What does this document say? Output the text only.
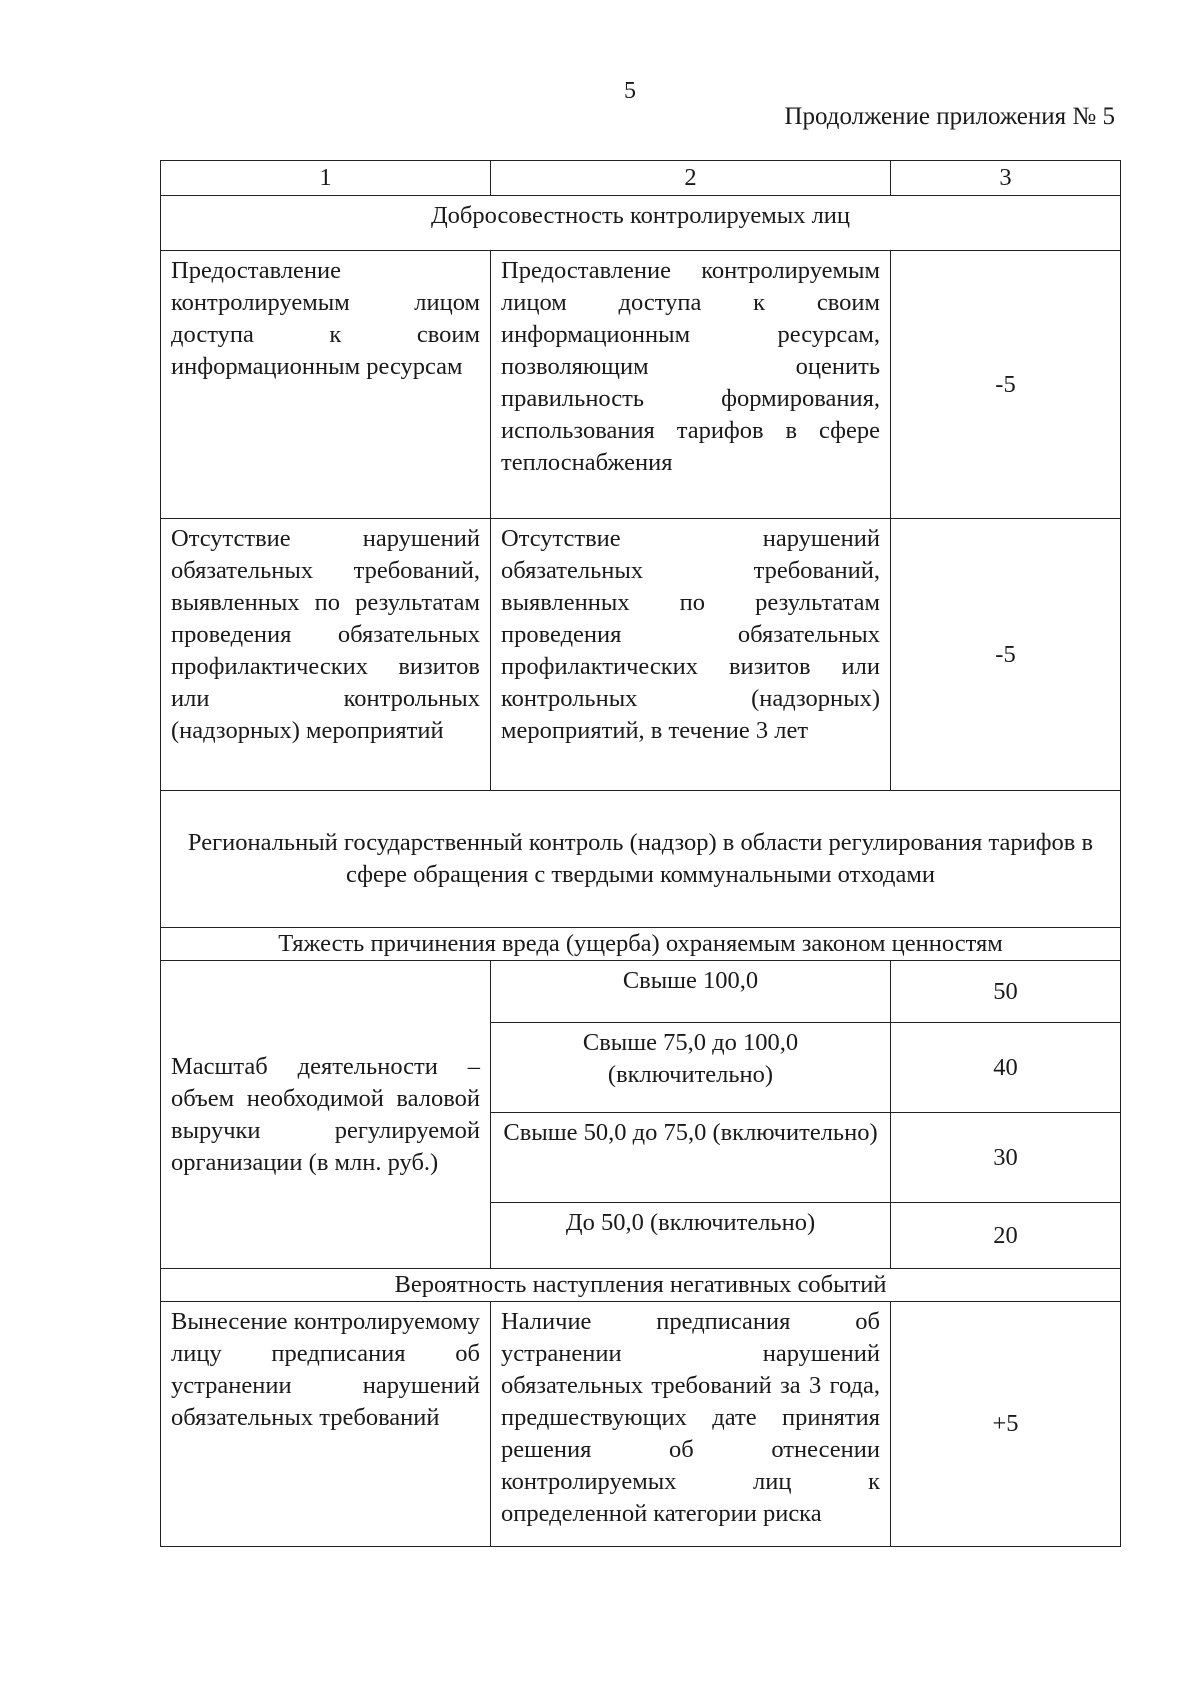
5
Продолжение приложения № 5
1	2	3
Добросовестность контролируемых лиц		
Предоставление контролируемым лицом доступа к своим информационным ресурсам	Предоставление контролируемым лицом доступа к своим информационным ресурсам, позволяющим оценить правильность формирования, использования тарифов в сфере теплоснабжения	-5
Отсутствие нарушений обязательных требований, выявленных по результатам проведения обязательных профилактических визитов или контрольных (надзорных) мероприятий	Отсутствие нарушений обязательных требований, выявленных по результатам проведения обязательных профилактических визитов или контрольных (надзорных) мероприятий, в течение 3 лет	-5
Региональный государственный контроль (надзор) в области регулирования тарифов в сфере обращения с твердыми коммунальными отходами		
Тяжесть причинения вреда (ущерба) охраняемым законом ценностям		
Масштаб деятельности – объем необходимой валовой выручки регулируемой организации (в млн. руб.)	Свыше 100,0	50
	Свыше 75,0 до 100,0 (включительно)	40
	Свыше 50,0 до 75,0 (включительно)	30
	До 50,0 (включительно)	20
Вероятность наступления негативных событий		
Вынесение контролируемому лицу предписания об устранении нарушений обязательных требований	Наличие предписания об устранении нарушений обязательных требований за 3 года, предшествующих дате принятия решения об отнесении контролируемых лиц к определенной категории риска	+5
